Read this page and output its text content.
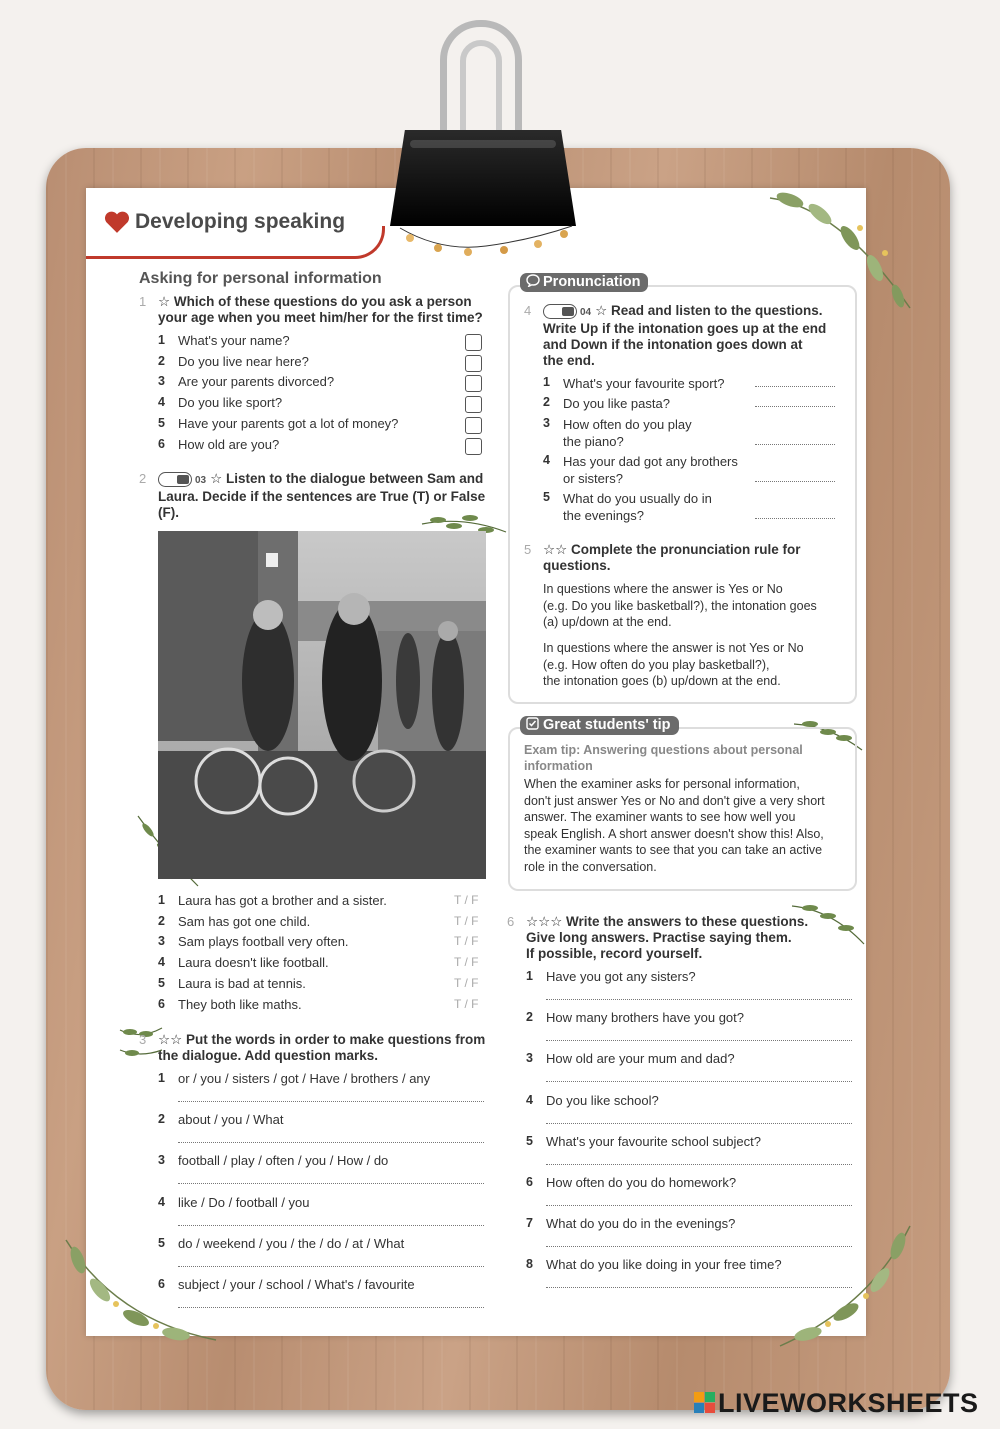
Developing speaking
Asking for personal information
1 ☆ Which of these questions do you ask a person your age when you meet him/her for the first time?
1 What's your name?
2 Do you live near here?
3 Are your parents divorced?
4 Do you like sport?
5 Have your parents got a lot of money?
6 How old are you?
2	03 ☆ Listen to the dialogue between Sam and Laura. Decide if the sentences are True (T) or False (F).
1 Laura has got a brother and a sister.	T / F
2 Sam has got one child.	T / F
3 Sam plays football very often.	T / F
4 Laura doesn't like football.	T / F
5 Laura is bad at tennis.	T / F
6 They both like maths.	T / F
3 ☆☆ Put the words in order to make questions from the dialogue. Add question marks.
1 or / you / sisters / got / Have / brothers / any
2 about / you / What
3 football / play / often / you / How / do
4 like / Do / football / you
5 do / weekend / you / the / do / at / What
6 subject / your / school / What's / favourite
Pronunciation
4	04 ☆ Read and listen to the questions.
Write Up if the intonation goes up at the end
and Down if the intonation goes down at
the end.
1 What's your favourite sport?
2 Do you like pasta?
3 How often do you play
the piano?
4 Has your dad got any brothers
or sisters?
5 What do you usually do in
the evenings?
5 ☆☆ Complete the pronunciation rule for questions.
In questions where the answer is Yes or No
(e.g. Do you like basketball?), the intonation goes
(a) up/down at the end.
In questions where the answer is not Yes or No
(e.g. How often do you play basketball?),
the intonation goes (b) up/down at the end.
Great students' tip
Exam tip: Answering questions about personal information
When the examiner asks for personal information,
don't just answer Yes or No and don't give a very short
answer. The examiner wants to see how well you
speak English. A short answer doesn't show this! Also,
the examiner wants to see that you can take an active
role in the conversation.
6 ☆☆☆ Write the answers to these questions.
Give long answers. Practise saying them.
If possible, record yourself.
1 Have you got any sisters?
2 How many brothers have you got?
3 How old are your mum and dad?
4 Do you like school?
5 What's your favourite school subject?
6 How often do you do homework?
7 What do you do in the evenings?
8 What do you like doing in your free time?
LIVEWORKSHEETS
